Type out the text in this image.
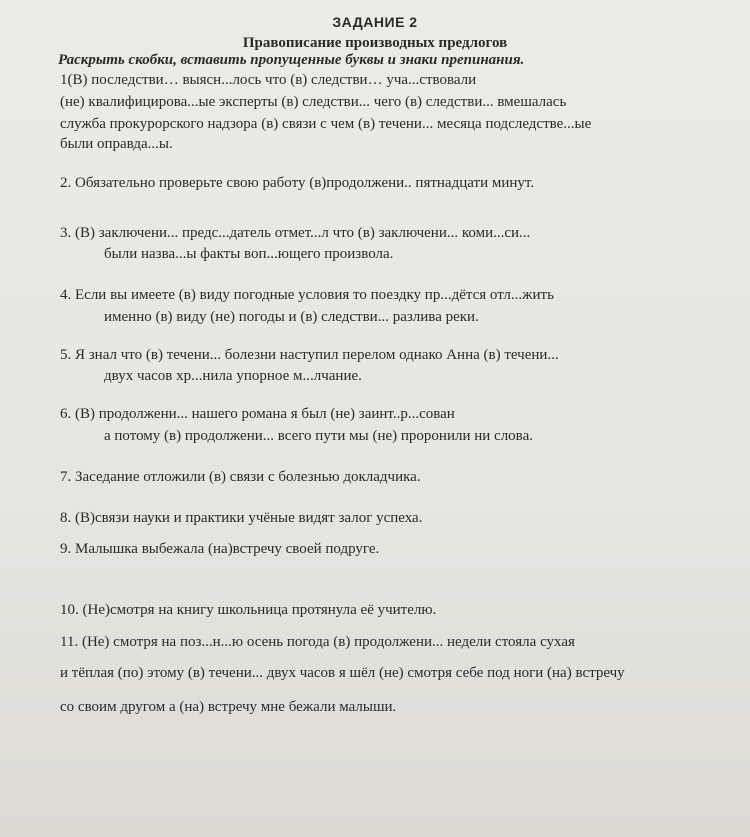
ЗАДАНИЕ 2
Правописание производных предлогов
Раскрыть скобки, вставить пропущенные буквы и знаки препинания.
1(В) последстви… выясн...лось что (в) следстви… уча...ствовали
(не) квалифицирова...ые эксперты (в) следстви... чего (в) следстви... вмешалась
служба прокурорского надзора (в) связи с чем (в) течени... месяца подследстве...ые
были оправда...ы.
2. Обязательно проверьте свою работу (в)продолжени.. пятнадцати минут.
3. (В) заключени... предс...датель отмет...л что (в) заключени... коми...си...
были назва...ы факты воп...ющего произвола.
4. Если вы имеете (в) виду погодные условия то поездку пр...дётся отл...жить
именно (в) виду (не) погоды и (в) следстви... разлива реки.
5. Я знал что (в) течени... болезни наступил перелом однако Анна (в) течени...
двух часов хр...нила упорное м...лчание.
6. (В) продолжени... нашего романа я был (не) заинт..р...сован
а потому (в) продолжени... всего пути мы (не) проронили ни слова.
7. Заседание отложили (в) связи с болезнью докладчика.
8. (В)связи науки и практики учёные видят залог успеха.
9. Малышка выбежала (на)встречу своей подруге.
10. (Не)смотря на книгу школьница протянула её учителю.
11. (Не) смотря на поз...н...ю осень погода (в) продолжени... недели стояла сухая
и тёплая (по) этому (в) течени... двух часов я шёл (не) смотря себе под ноги (на) встречу
со своим другом а (на) встречу мне бежали малыши.
